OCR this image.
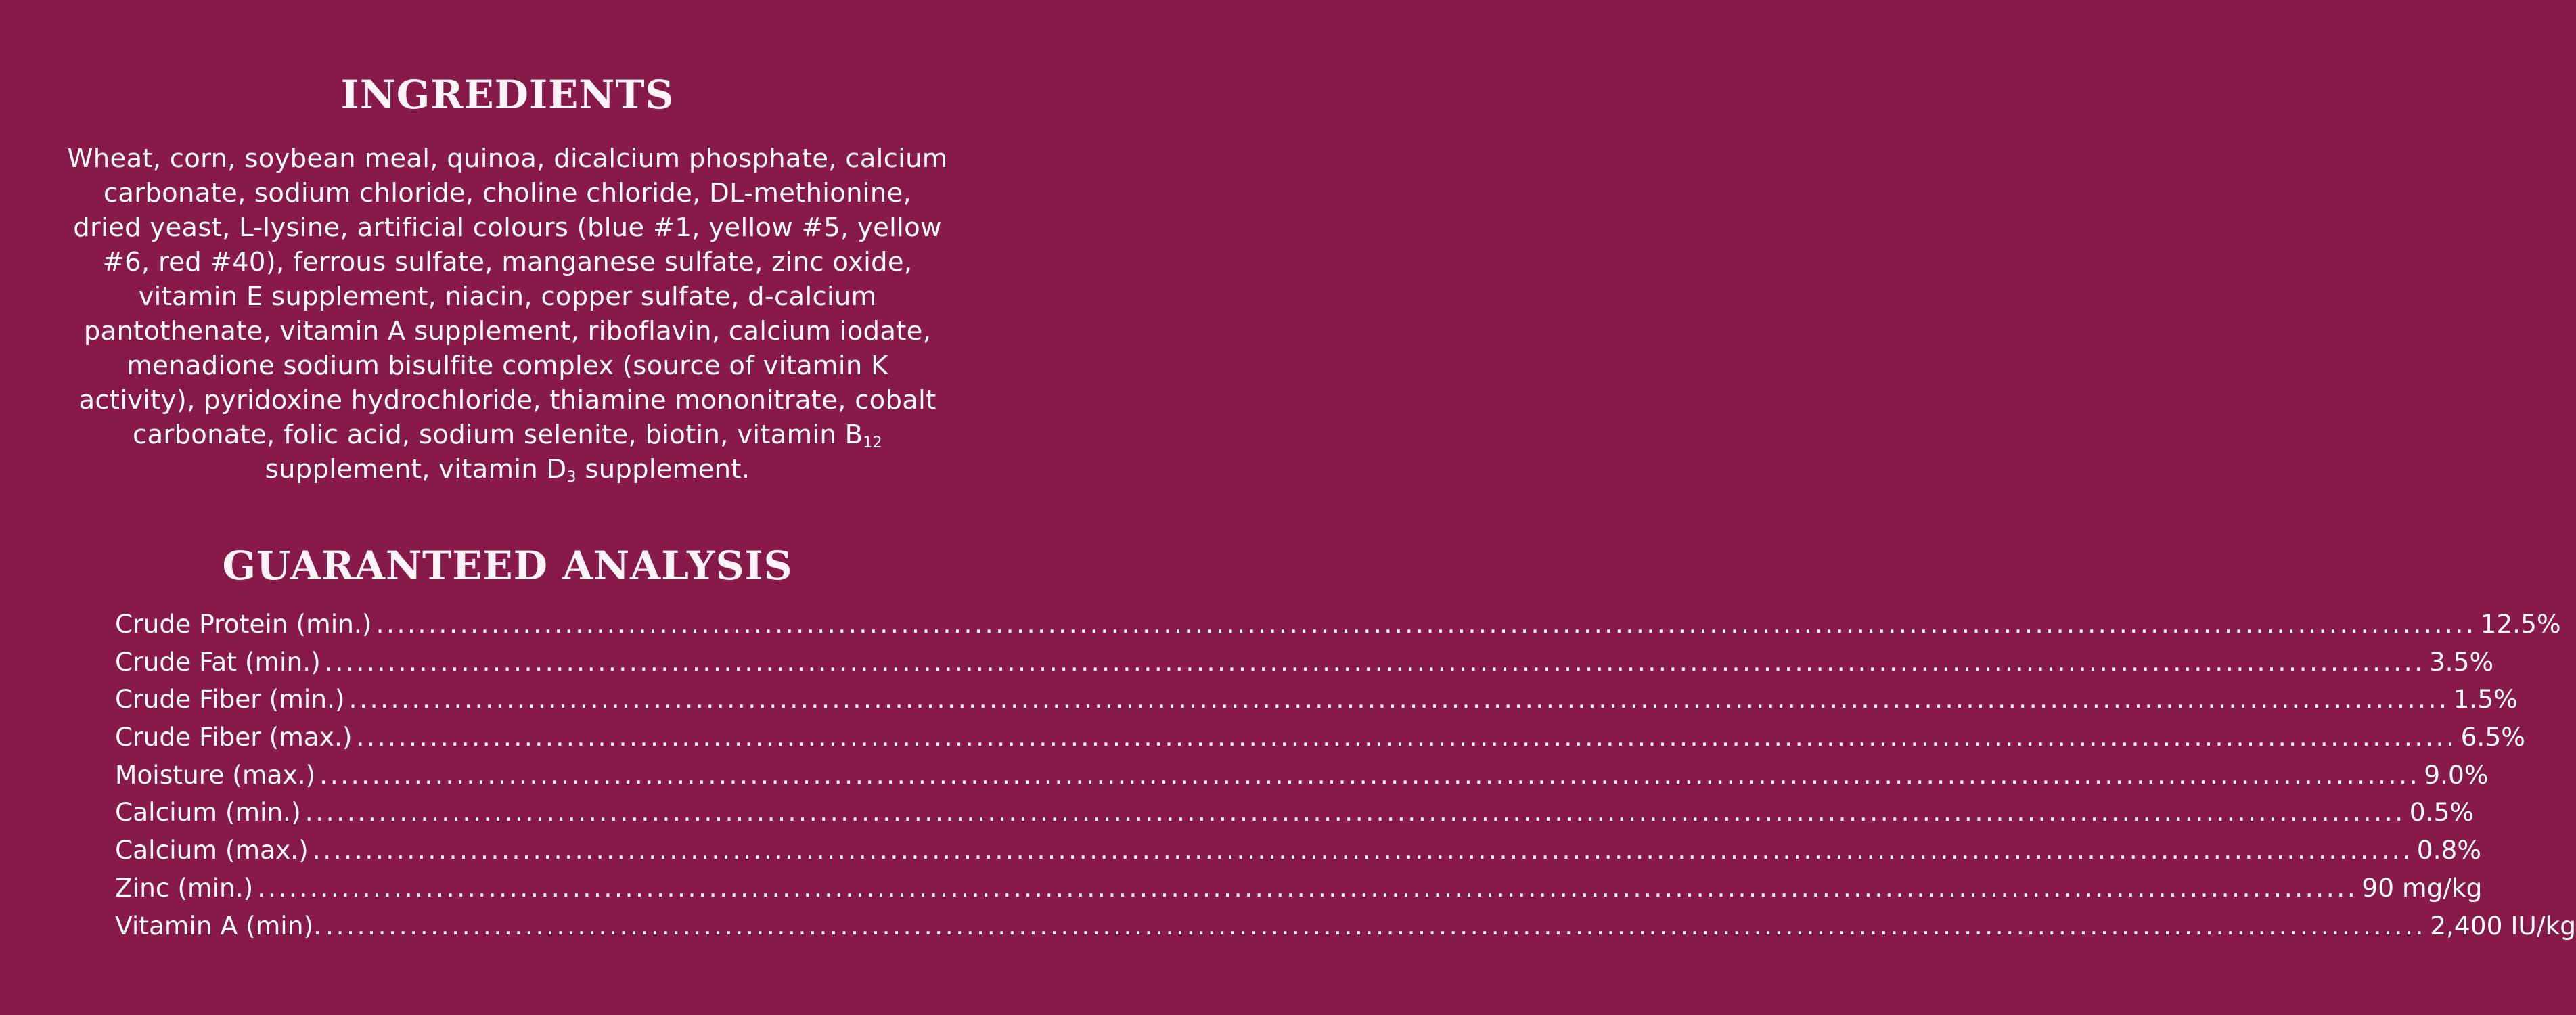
INGREDIENTS

Wheat, corn, soybean meal, quinoa, dicalcium phosphate, calcium
carbonate, sodium chloride, choline chloride, DL-methionine,
dried yeast, L-lysine, artificial colours (blue #1, yellow #5, yellow
#6, red #40), ferrous sulfate, manganese sulfate, zinc oxide,
vitamin E supplement, niacin, copper sulfate, d-calcium
pantothenate, vitamin A supplement, riboflavin, calcium iodate,
menadione sodium bisulfite complex (source of vitamin K
activity), pyridoxine hydrochloride, thiamine mononitrate, cobalt
carbonate, folic acid, sodium selenite, biotin, vitamin $B_{12}$
supplement, vitamin $D_3$ supplement.

GUARANTEED ANALYSIS
Crude Protein (min.) ........................................................................................................................................................................................................ 12.5%
Crude Fat (min.) ........................................................................................................................................................................................................ 3.5%
Crude Fiber (min.) ........................................................................................................................................................................................................ 1.5%
Crude Fiber (max.) ........................................................................................................................................................................................................ 6.5%
Moisture (max.) ........................................................................................................................................................................................................ 9.0%
Calcium (min.) ........................................................................................................................................................................................................ 0.5%
Calcium (max.) ........................................................................................................................................................................................................ 0.8%
Zinc (min.) ........................................................................................................................................................................................................ 90 mg/kg
Vitamin A (min). ........................................................................................................................................................................................................ 2,400 IU/kg
